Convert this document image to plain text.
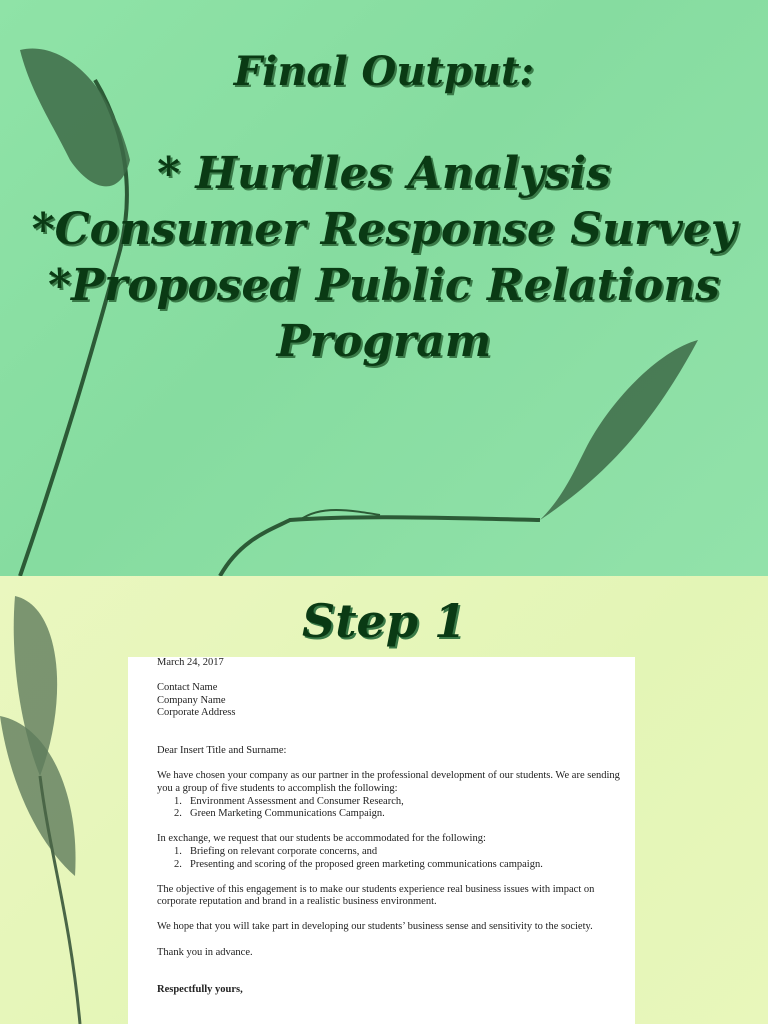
Final Output:
* Hurdles Analysis
*Consumer Response Survey
*Proposed Public Relations
Program
Step 1

March 24, 2017

Contact Name

Company Name

Corporate Address

Dear Insert Title and Surname:

We have chosen your company as our partner in the professional development of our students. We are sending you a group of five students to accomplish the following:

1. Environment Assessment and Consumer Research,

2. Green Marketing Communications Campaign.

In exchange, we request that our students be accommodated for the following:

1. Briefing on relevant corporate concerns, and

2. Presenting and scoring of the proposed green marketing communications campaign.

The objective of this engagement is to make our students experience real business issues with impact on corporate reputation and brand in a realistic business environment.

We hope that you will take part in developing our students’ business sense and sensitivity to the society.

Thank you in advance.

Respectfully yours,
